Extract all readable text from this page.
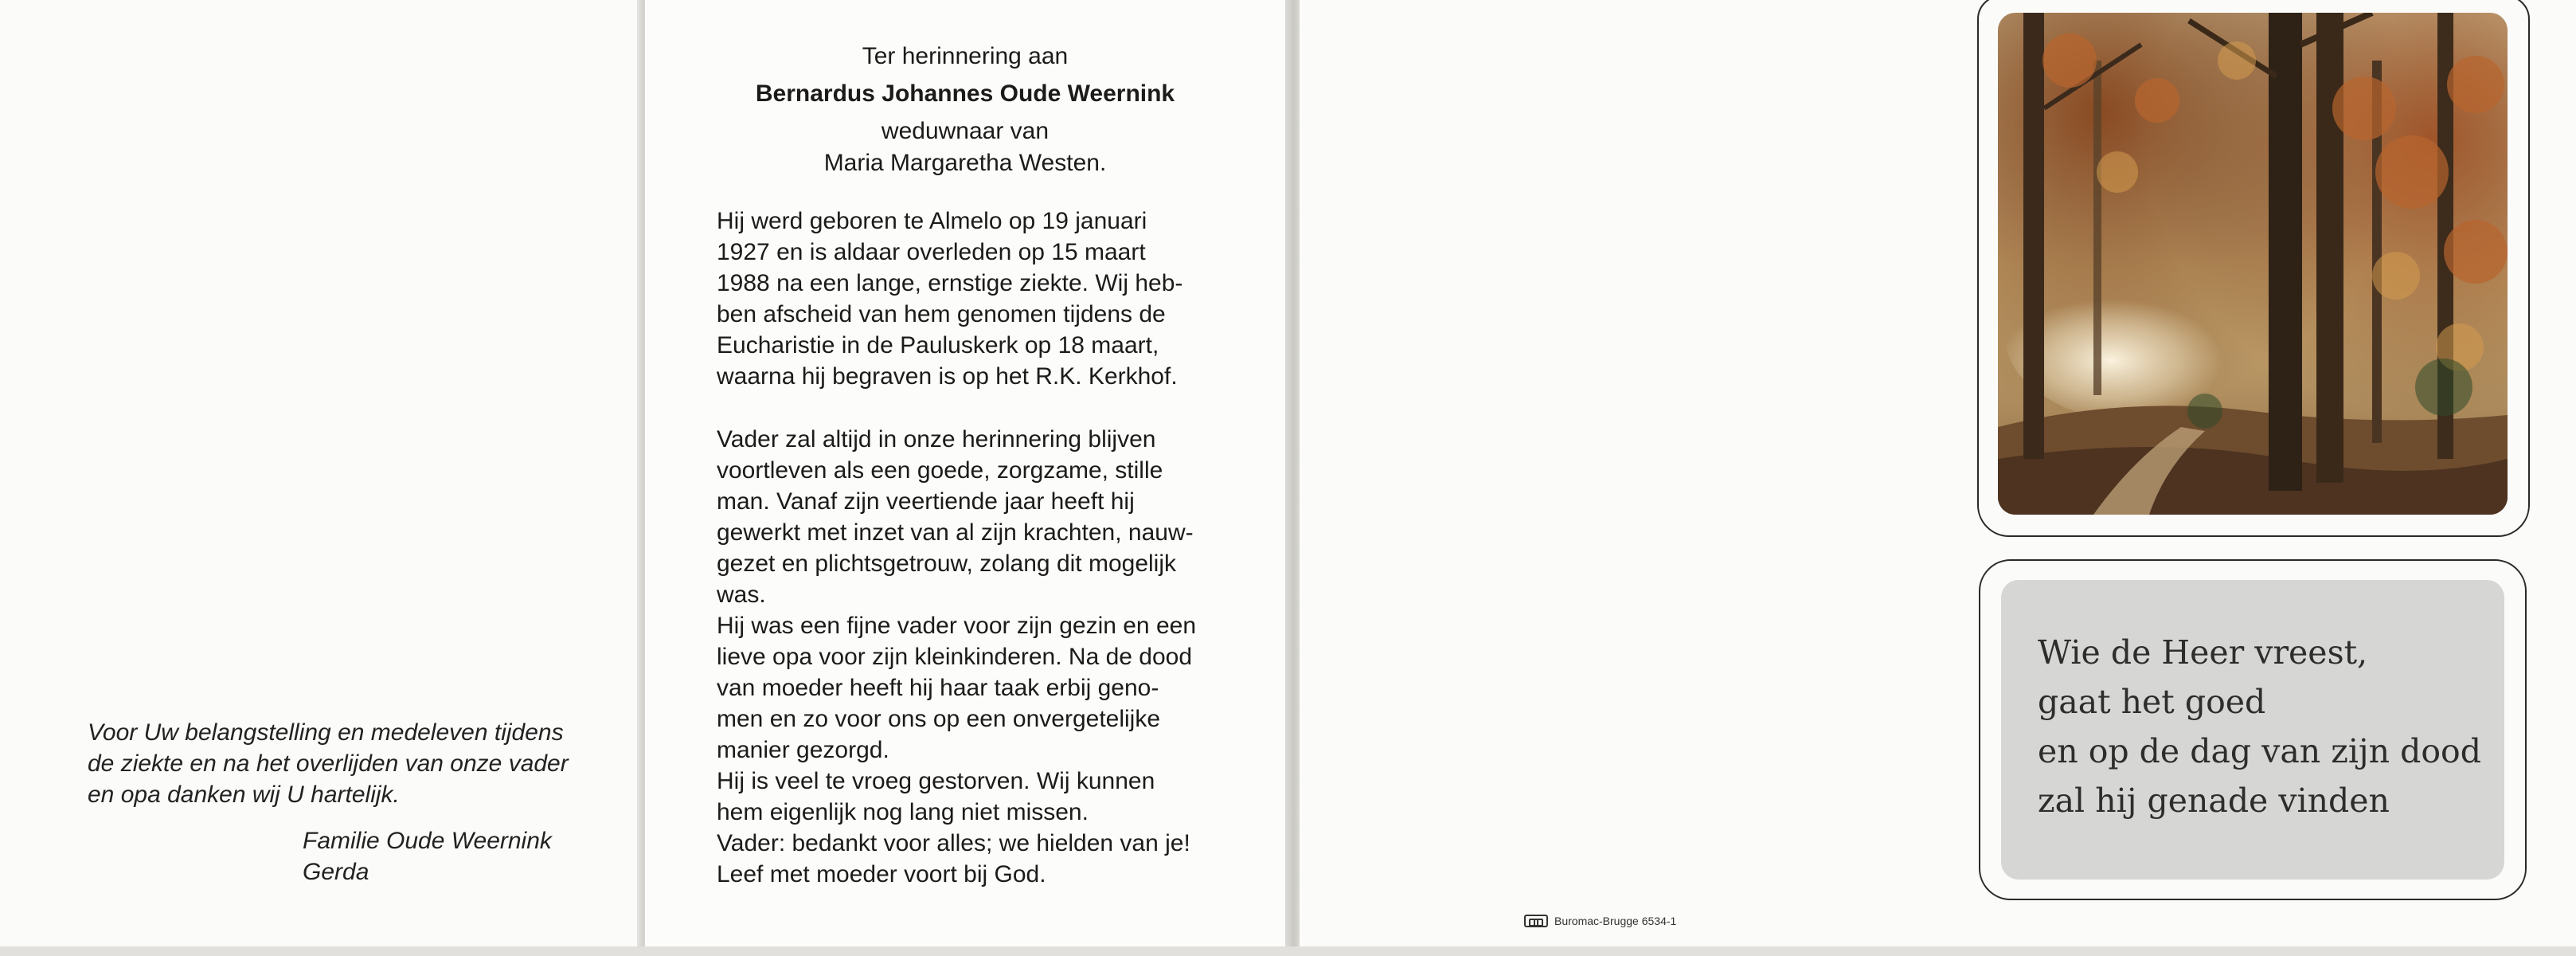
Voor Uw belangstelling en medeleven tijdens
de ziekte en na het overlijden van onze vader
en opa danken wij U hartelijk.
Familie Oude Weernink
Gerda
Ter herinnering aan
Bernardus Johannes Oude Weernink
weduwnaar van
Maria Margaretha Westen.

Hij werd geboren te Almelo op 19 januari

1927 en is aldaar overleden op 15 maart

1988 na een lange, ernstige ziekte. Wij heb-

ben afscheid van hem genomen tijdens de

Eucharistie in de Pauluskerk op 18 maart,

waarna hij begraven is op het R.K. Kerkhof.

Vader zal altijd in onze herinnering blijven

voortleven als een goede, zorgzame, stille

man. Vanaf zijn veertiende jaar heeft hij

gewerkt met inzet van al zijn krachten, nauw-

gezet en plichtsgetrouw, zolang dit mogelijk

was.

Hij was een fijne vader voor zijn gezin en een

lieve opa voor zijn kleinkinderen. Na de dood

van moeder heeft hij haar taak erbij geno-

men en zo voor ons op een onvergetelijke

manier gezorgd.

Hij is veel te vroeg gestorven. Wij kunnen

hem eigenlijk nog lang niet missen.

Vader: bedankt voor alles; we hielden van je!

Leef met moeder voort bij God.

Buromac-Brugge 6534-1
Wie de Heer vreest,
gaat het goed
en op de dag van zijn dood
zal hij genade vinden
